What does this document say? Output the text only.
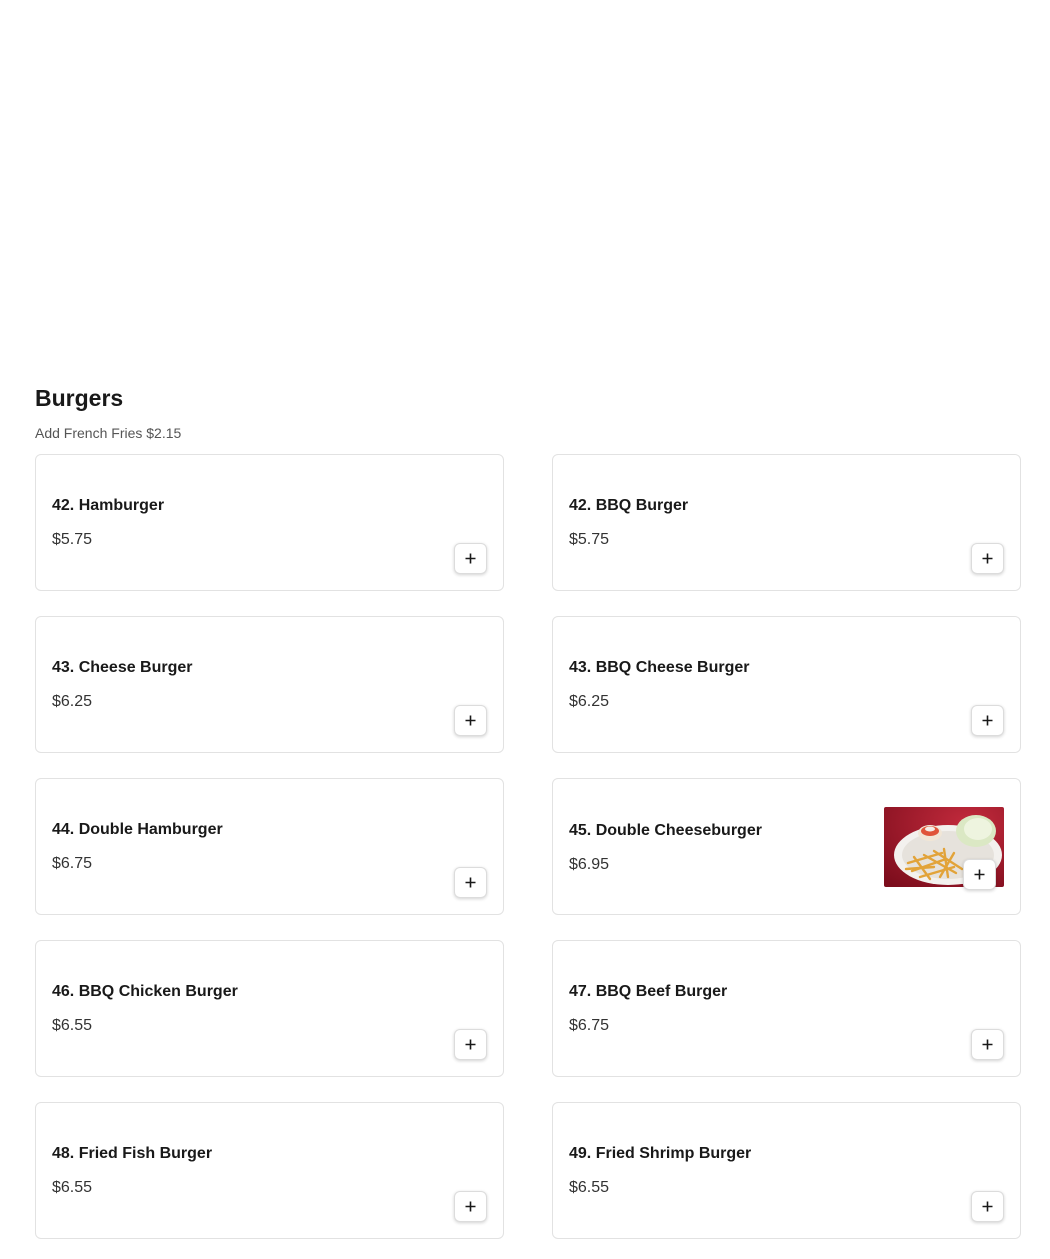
Burgers

Add French Fries $2.15

42. Hamburger
$5.75
42. BBQ Burger
$5.75
43. Cheese Burger
$6.25
43. BBQ Cheese Burger
$6.25
44. Double Hamburger
$6.75
45. Double Cheeseburger
$6.95
46. BBQ Chicken Burger
$6.55
47. BBQ Beef Burger
$6.75
48. Fried Fish Burger
$6.55
49. Fried Shrimp Burger
$6.55
